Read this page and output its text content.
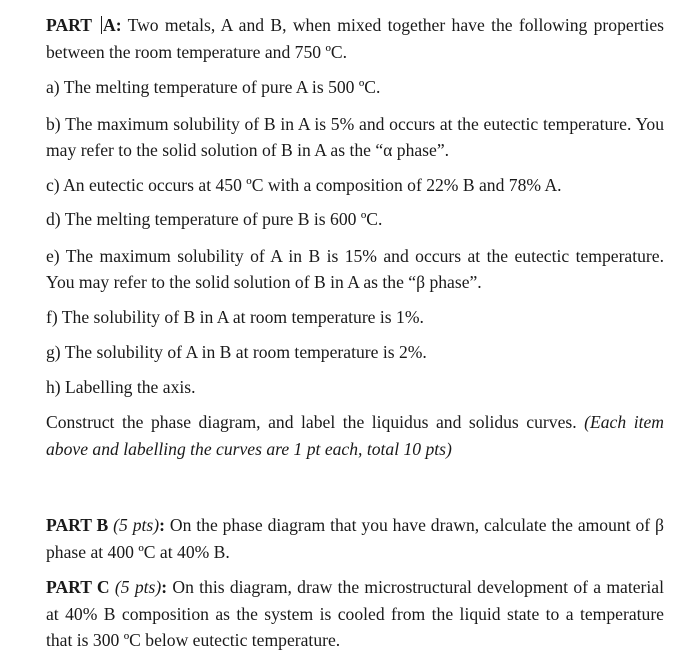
PART A: Two metals, A and B, when mixed together have the following properties between the room temperature and 750 ºC.

a) The melting temperature of pure A is 500 ºC.

b) The maximum solubility of B in A is 5% and occurs at the eutectic temperature. You may refer to the solid solution of B in A as the “α phase”.

c) An eutectic occurs at 450 ºC with a composition of 22% B and 78% A.

d) The melting temperature of pure B is 600 ºC.

e) The maximum solubility of A in B is 15% and occurs at the eutectic temperature. You may refer to the solid solution of B in A as the “β phase”.

f) The solubility of B in A at room temperature is 1%.

g) The solubility of A in B at room temperature is 2%.

h) Labelling the axis.

Construct the phase diagram, and label the liquidus and solidus curves. (Each item above and labelling the curves are 1 pt each, total 10 pts)

PART B (5 pts): On the phase diagram that you have drawn, calculate the amount of β phase at 400 ºC at 40% B.

PART C (5 pts): On this diagram, draw the microstructural development of a material at 40% B composition as the system is cooled from the liquid state to a temperature that is 300 ºC below eutectic temperature.
